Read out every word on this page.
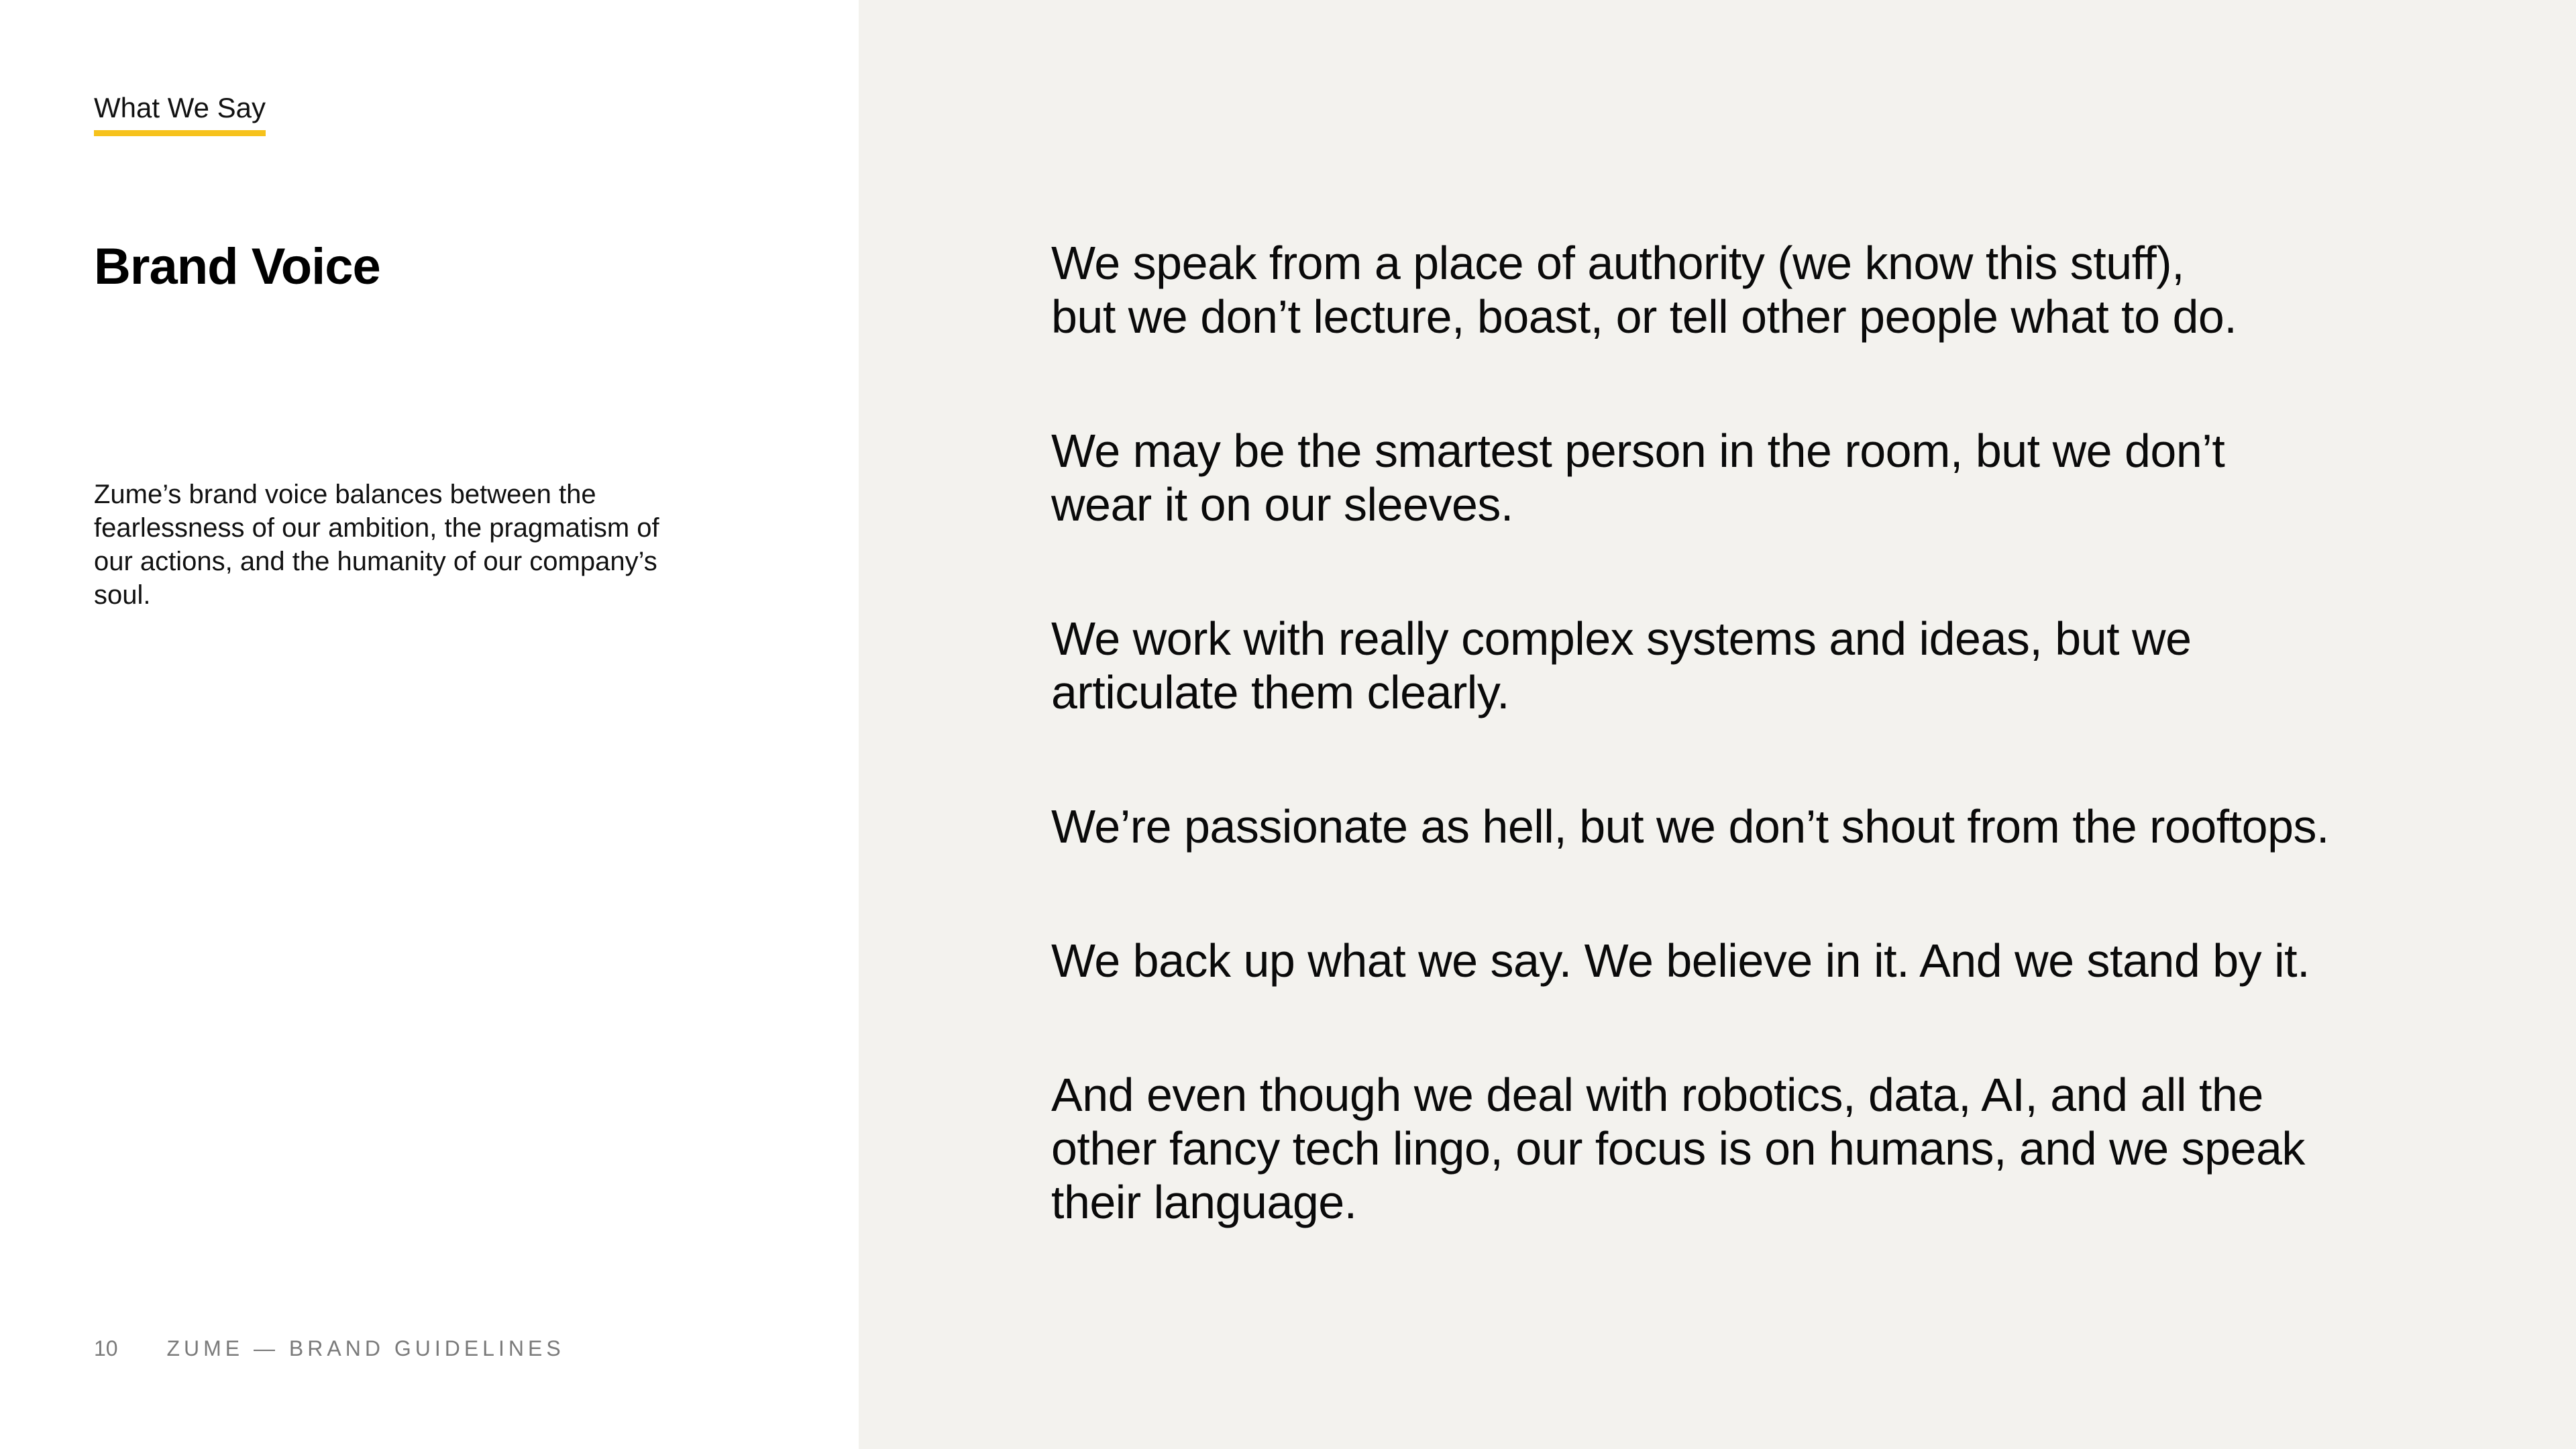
What We Say
Brand Voice

Zume’s brand voice balances between the fearlessness of our ambition, the pragmatism of our actions, and the humanity of our company’s soul.

10 ZUME — BRAND GUIDELINES
We speak from a place of authority (we know this stuff),
but we don’t lecture, boast, or tell other people what to do.
We may be the smartest person in the room, but we don’t
wear it on our sleeves.
We work with really complex systems and ideas, but we
articulate them clearly.
We’re passionate as hell, but we don’t shout from the rooftops.
We back up what we say. We believe in it. And we stand by it.
And even though we deal with robotics, data, AI, and all the
other fancy tech lingo, our focus is on humans, and we speak
their language.
